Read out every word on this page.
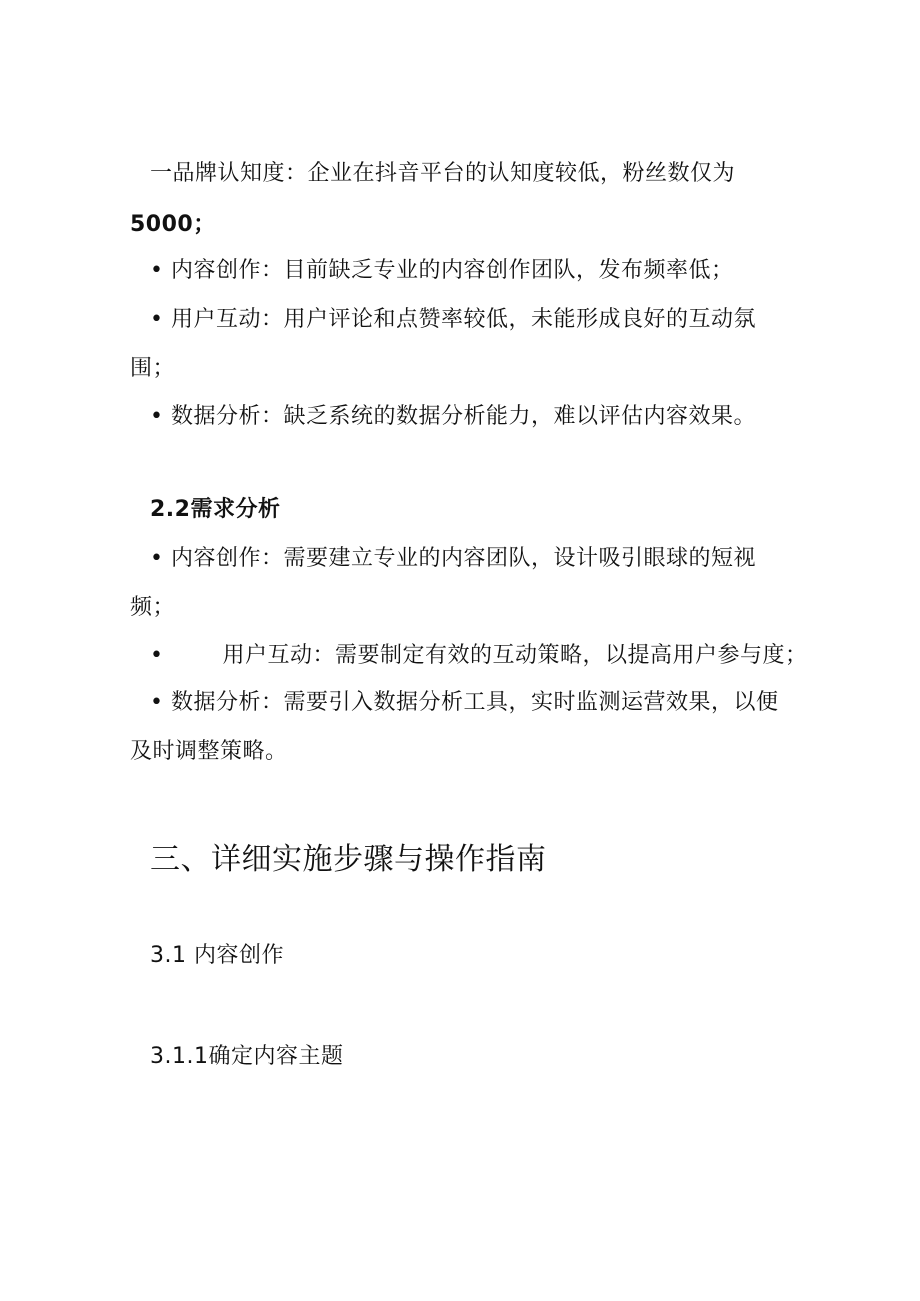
一品牌认知度：企业在抖音平台的认知度较低，粉丝数仅为
5000；
• 内容创作：目前缺乏专业的内容创作团队，发布频率低；
• 用户互动：用户评论和点赞率较低，未能形成良好的互动氛
围；
• 数据分析：缺乏系统的数据分析能力，难以评估内容效果。
2.2需求分析
• 内容创作：需要建立专业的内容团队，设计吸引眼球的短视
频；
•	用户互动：需要制定有效的互动策略，以提高用户参与度；
• 数据分析：需要引入数据分析工具，实时监测运营效果，以便
及时调整策略。
三、详细实施步骤与操作指南
3.1 内容创作
3.1.1确定内容主题
